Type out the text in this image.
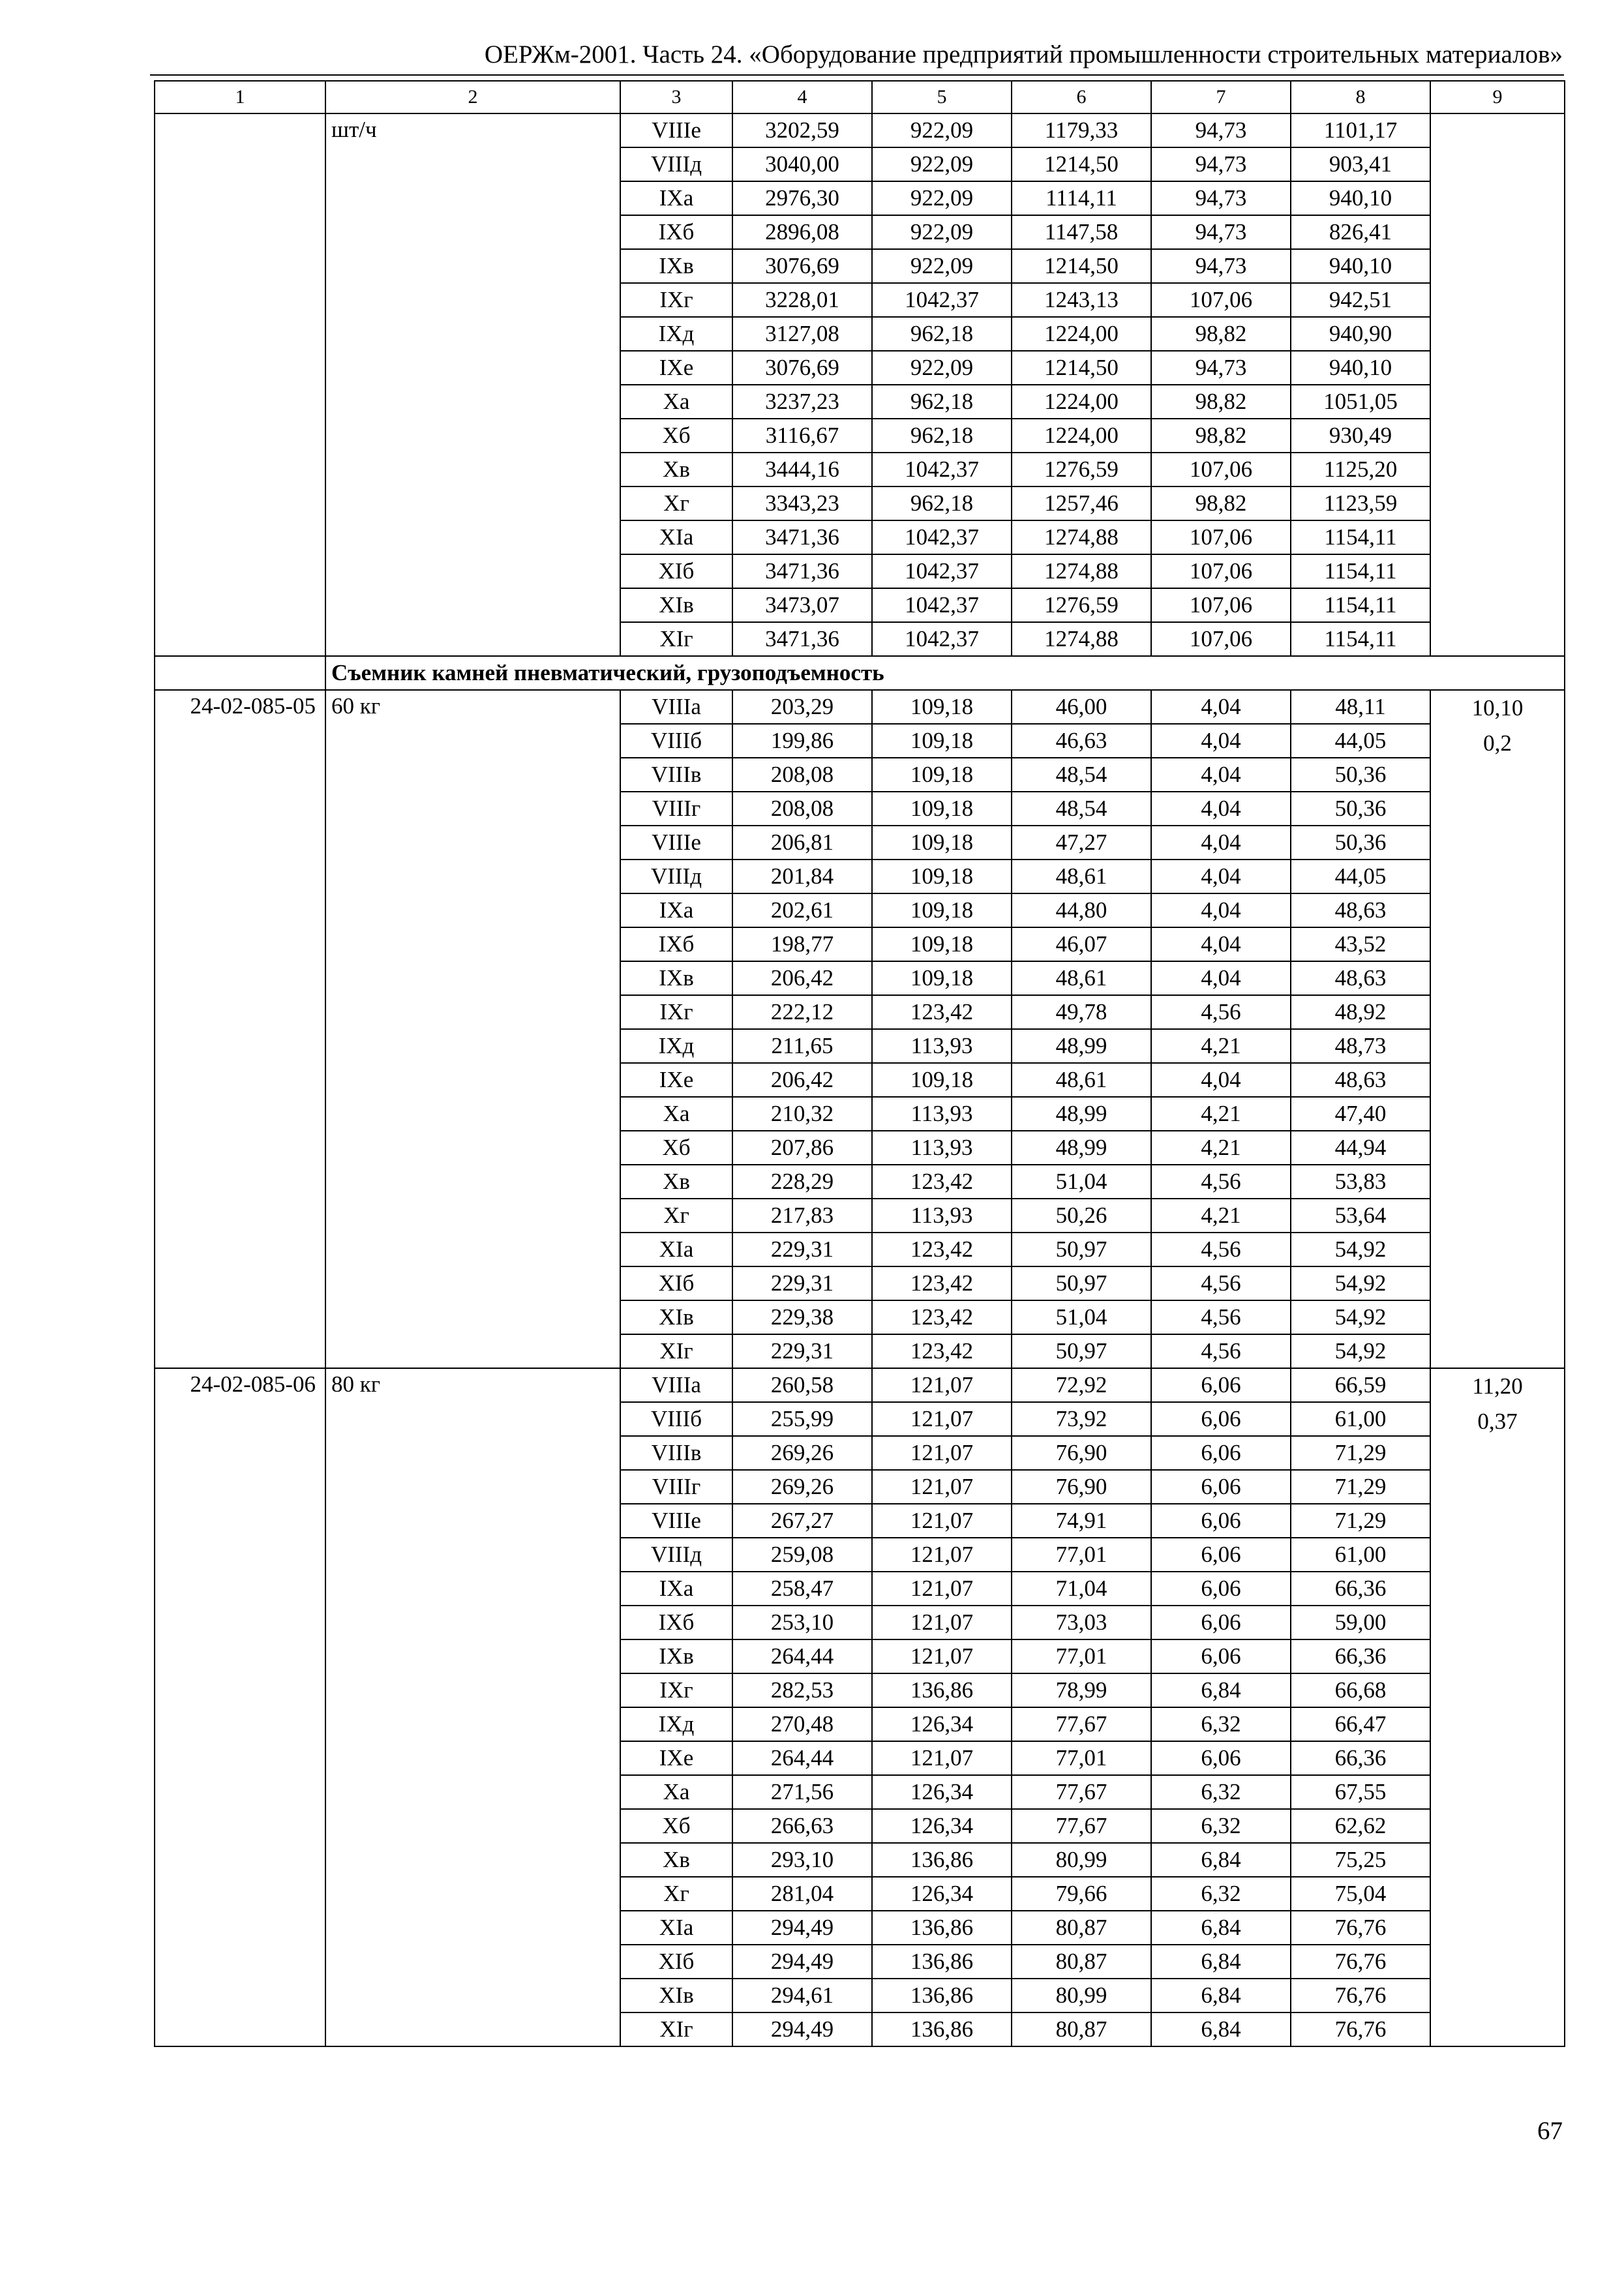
ОЕРЖм-2001. Часть 24. «Оборудование предприятий промышленности строительных материалов»
1	2	3	4	5	6	7	8	9
	шт/ч	VIIIе	3202,59	922,09	1179,33	94,73	1101,17	
		VIIIд	3040,00	922,09	1214,50	94,73	903,41	
		IXа	2976,30	922,09	1114,11	94,73	940,10	
		IXб	2896,08	922,09	1147,58	94,73	826,41	
		IXв	3076,69	922,09	1214,50	94,73	940,10	
		IXг	3228,01	1042,37	1243,13	107,06	942,51	
		IXд	3127,08	962,18	1224,00	98,82	940,90	
		IXе	3076,69	922,09	1214,50	94,73	940,10	
		Xа	3237,23	962,18	1224,00	98,82	1051,05	
		Xб	3116,67	962,18	1224,00	98,82	930,49	
		Xв	3444,16	1042,37	1276,59	107,06	1125,20	
		Xг	3343,23	962,18	1257,46	98,82	1123,59	
		XIа	3471,36	1042,37	1274,88	107,06	1154,11	
		XIб	3471,36	1042,37	1274,88	107,06	1154,11	
		XIв	3473,07	1042,37	1276,59	107,06	1154,11	
		XIг	3471,36	1042,37	1274,88	107,06	1154,11	
	Съемник камней пневматический, грузоподъемность							
24-02-085-05	60 кг	VIIIа	203,29	109,18	46,00	4,04	48,11	10,10
0,2

		VIIIб	199,86	109,18	46,63	4,04	44,05	
		VIIIв	208,08	109,18	48,54	4,04	50,36	
		VIIIг	208,08	109,18	48,54	4,04	50,36	
		VIIIе	206,81	109,18	47,27	4,04	50,36	
		VIIIд	201,84	109,18	48,61	4,04	44,05	
		IXа	202,61	109,18	44,80	4,04	48,63	
		IXб	198,77	109,18	46,07	4,04	43,52	
		IXв	206,42	109,18	48,61	4,04	48,63	
		IXг	222,12	123,42	49,78	4,56	48,92	
		IXд	211,65	113,93	48,99	4,21	48,73	
		IXе	206,42	109,18	48,61	4,04	48,63	
		Xа	210,32	113,93	48,99	4,21	47,40	
		Xб	207,86	113,93	48,99	4,21	44,94	
		Xв	228,29	123,42	51,04	4,56	53,83	
		Xг	217,83	113,93	50,26	4,21	53,64	
		XIа	229,31	123,42	50,97	4,56	54,92	
		XIб	229,31	123,42	50,97	4,56	54,92	
		XIв	229,38	123,42	51,04	4,56	54,92	
		XIг	229,31	123,42	50,97	4,56	54,92	
24-02-085-06	80 кг	VIIIа	260,58	121,07	72,92	6,06	66,59	11,20
0,37

		VIIIб	255,99	121,07	73,92	6,06	61,00	
		VIIIв	269,26	121,07	76,90	6,06	71,29	
		VIIIг	269,26	121,07	76,90	6,06	71,29	
		VIIIе	267,27	121,07	74,91	6,06	71,29	
		VIIIд	259,08	121,07	77,01	6,06	61,00	
		IXа	258,47	121,07	71,04	6,06	66,36	
		IXб	253,10	121,07	73,03	6,06	59,00	
		IXв	264,44	121,07	77,01	6,06	66,36	
		IXг	282,53	136,86	78,99	6,84	66,68	
		IXд	270,48	126,34	77,67	6,32	66,47	
		IXе	264,44	121,07	77,01	6,06	66,36	
		Xа	271,56	126,34	77,67	6,32	67,55	
		Xб	266,63	126,34	77,67	6,32	62,62	
		Xв	293,10	136,86	80,99	6,84	75,25	
		Xг	281,04	126,34	79,66	6,32	75,04	
		XIа	294,49	136,86	80,87	6,84	76,76	
		XIб	294,49	136,86	80,87	6,84	76,76	
		XIв	294,61	136,86	80,99	6,84	76,76	
		XIг	294,49	136,86	80,87	6,84	76,76	
67
